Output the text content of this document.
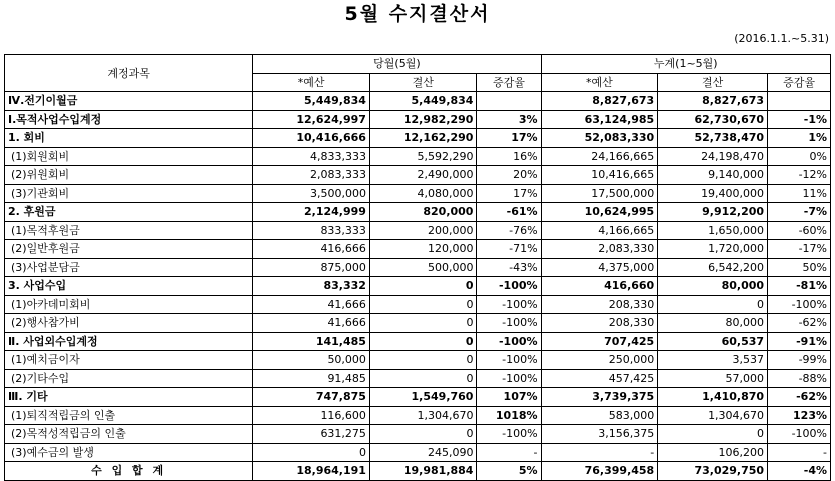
5월 수지결산서
(2016.1.1.~5.31)
계정과목	당월(5월)			누계(1~5월)		
	*예산	결산	증감율	*예산	결산	증감율
Ⅳ.전기이월금	5,449,834	5,449,834		8,827,673	8,827,673	
Ⅰ.목적사업수입계정	12,624,997	12,982,290	3%	63,124,985	62,730,670	-1%
1. 회비	10,416,666	12,162,290	17%	52,083,330	52,738,470	1%
(1)회원회비	4,833,333	5,592,290	16%	24,166,665	24,198,470	0%
(2)위원회비	2,083,333	2,490,000	20%	10,416,665	9,140,000	-12%
(3)기관회비	3,500,000	4,080,000	17%	17,500,000	19,400,000	11%
2. 후원금	2,124,999	820,000	-61%	10,624,995	9,912,200	-7%
(1)목적후원금	833,333	200,000	-76%	4,166,665	1,650,000	-60%
(2)일반후원금	416,666	120,000	-71%	2,083,330	1,720,000	-17%
(3)사업분담금	875,000	500,000	-43%	4,375,000	6,542,200	50%
3. 사업수입	83,332	0	-100%	416,660	80,000	-81%
(1)아카데미회비	41,666	0	-100%	208,330	0	-100%
(2)행사참가비	41,666	0	-100%	208,330	80,000	-62%
Ⅱ. 사업외수입계정	141,485	0	-100%	707,425	60,537	-91%
(1)예치금이자	50,000	0	-100%	250,000	3,537	-99%
(2)기타수입	91,485	0	-100%	457,425	57,000	-88%
Ⅲ. 기타	747,875	1,549,760	107%	3,739,375	1,410,870	-62%
(1)퇴직적립금의 인출	116,600	1,304,670	1018%	583,000	1,304,670	123%
(2)목적성적립금의 인출	631,275	0	-100%	3,156,375	0	-100%
(3)예수금의 발생	0	245,090	-	-	106,200	-
수 입 합 계	18,964,191	19,981,884	5%	76,399,458	73,029,750	-4%
